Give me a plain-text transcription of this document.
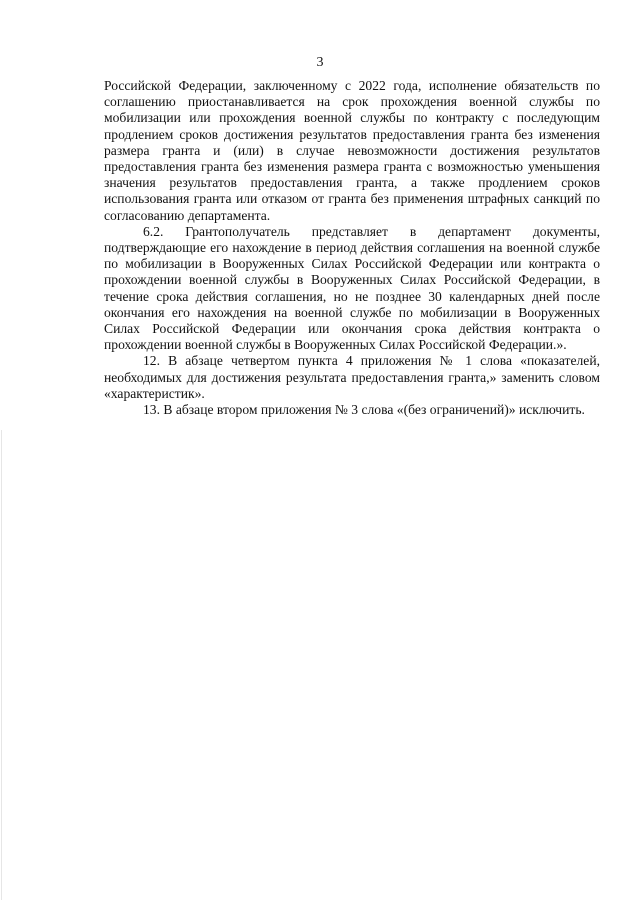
3

Российской Федерации, заключенному с 2022 года, исполнение обязательств по соглашению приостанавливается на срок прохождения военной службы по мобилизации или прохождения военной службы по контракту с последующим продлением сроков достижения результатов предоставления гранта без изменения размера гранта и (или) в случае невозможности достижения результатов предоставления гранта без изменения размера гранта с возможностью уменьшения значения результатов предоставления гранта, а также продлением сроков использования гранта или отказом от гранта без применения штрафных санкций по согласованию департамента.

6.2. Грантополучатель представляет в департамент документы, подтверждающие его нахождение в период действия соглашения на военной службе по мобилизации в Вооруженных Силах Российской Федерации или контракта о прохождении военной службы в Вооруженных Силах Российской Федерации, в течение срока действия соглашения, но не позднее 30 календарных дней после окончания его нахождения на военной службе по мобилизации в Вооруженных Силах Российской Федерации или окончания срока действия контракта о прохождении военной службы в Вооруженных Силах Российской Федерации.».

12. В абзаце четвертом пункта 4 приложения № 1 слова «показателей, необходимых для достижения результата предоставления гранта,» заменить словом «характеристик».

13. В абзаце втором приложения № 3 слова «(без ограничений)» исключить.
